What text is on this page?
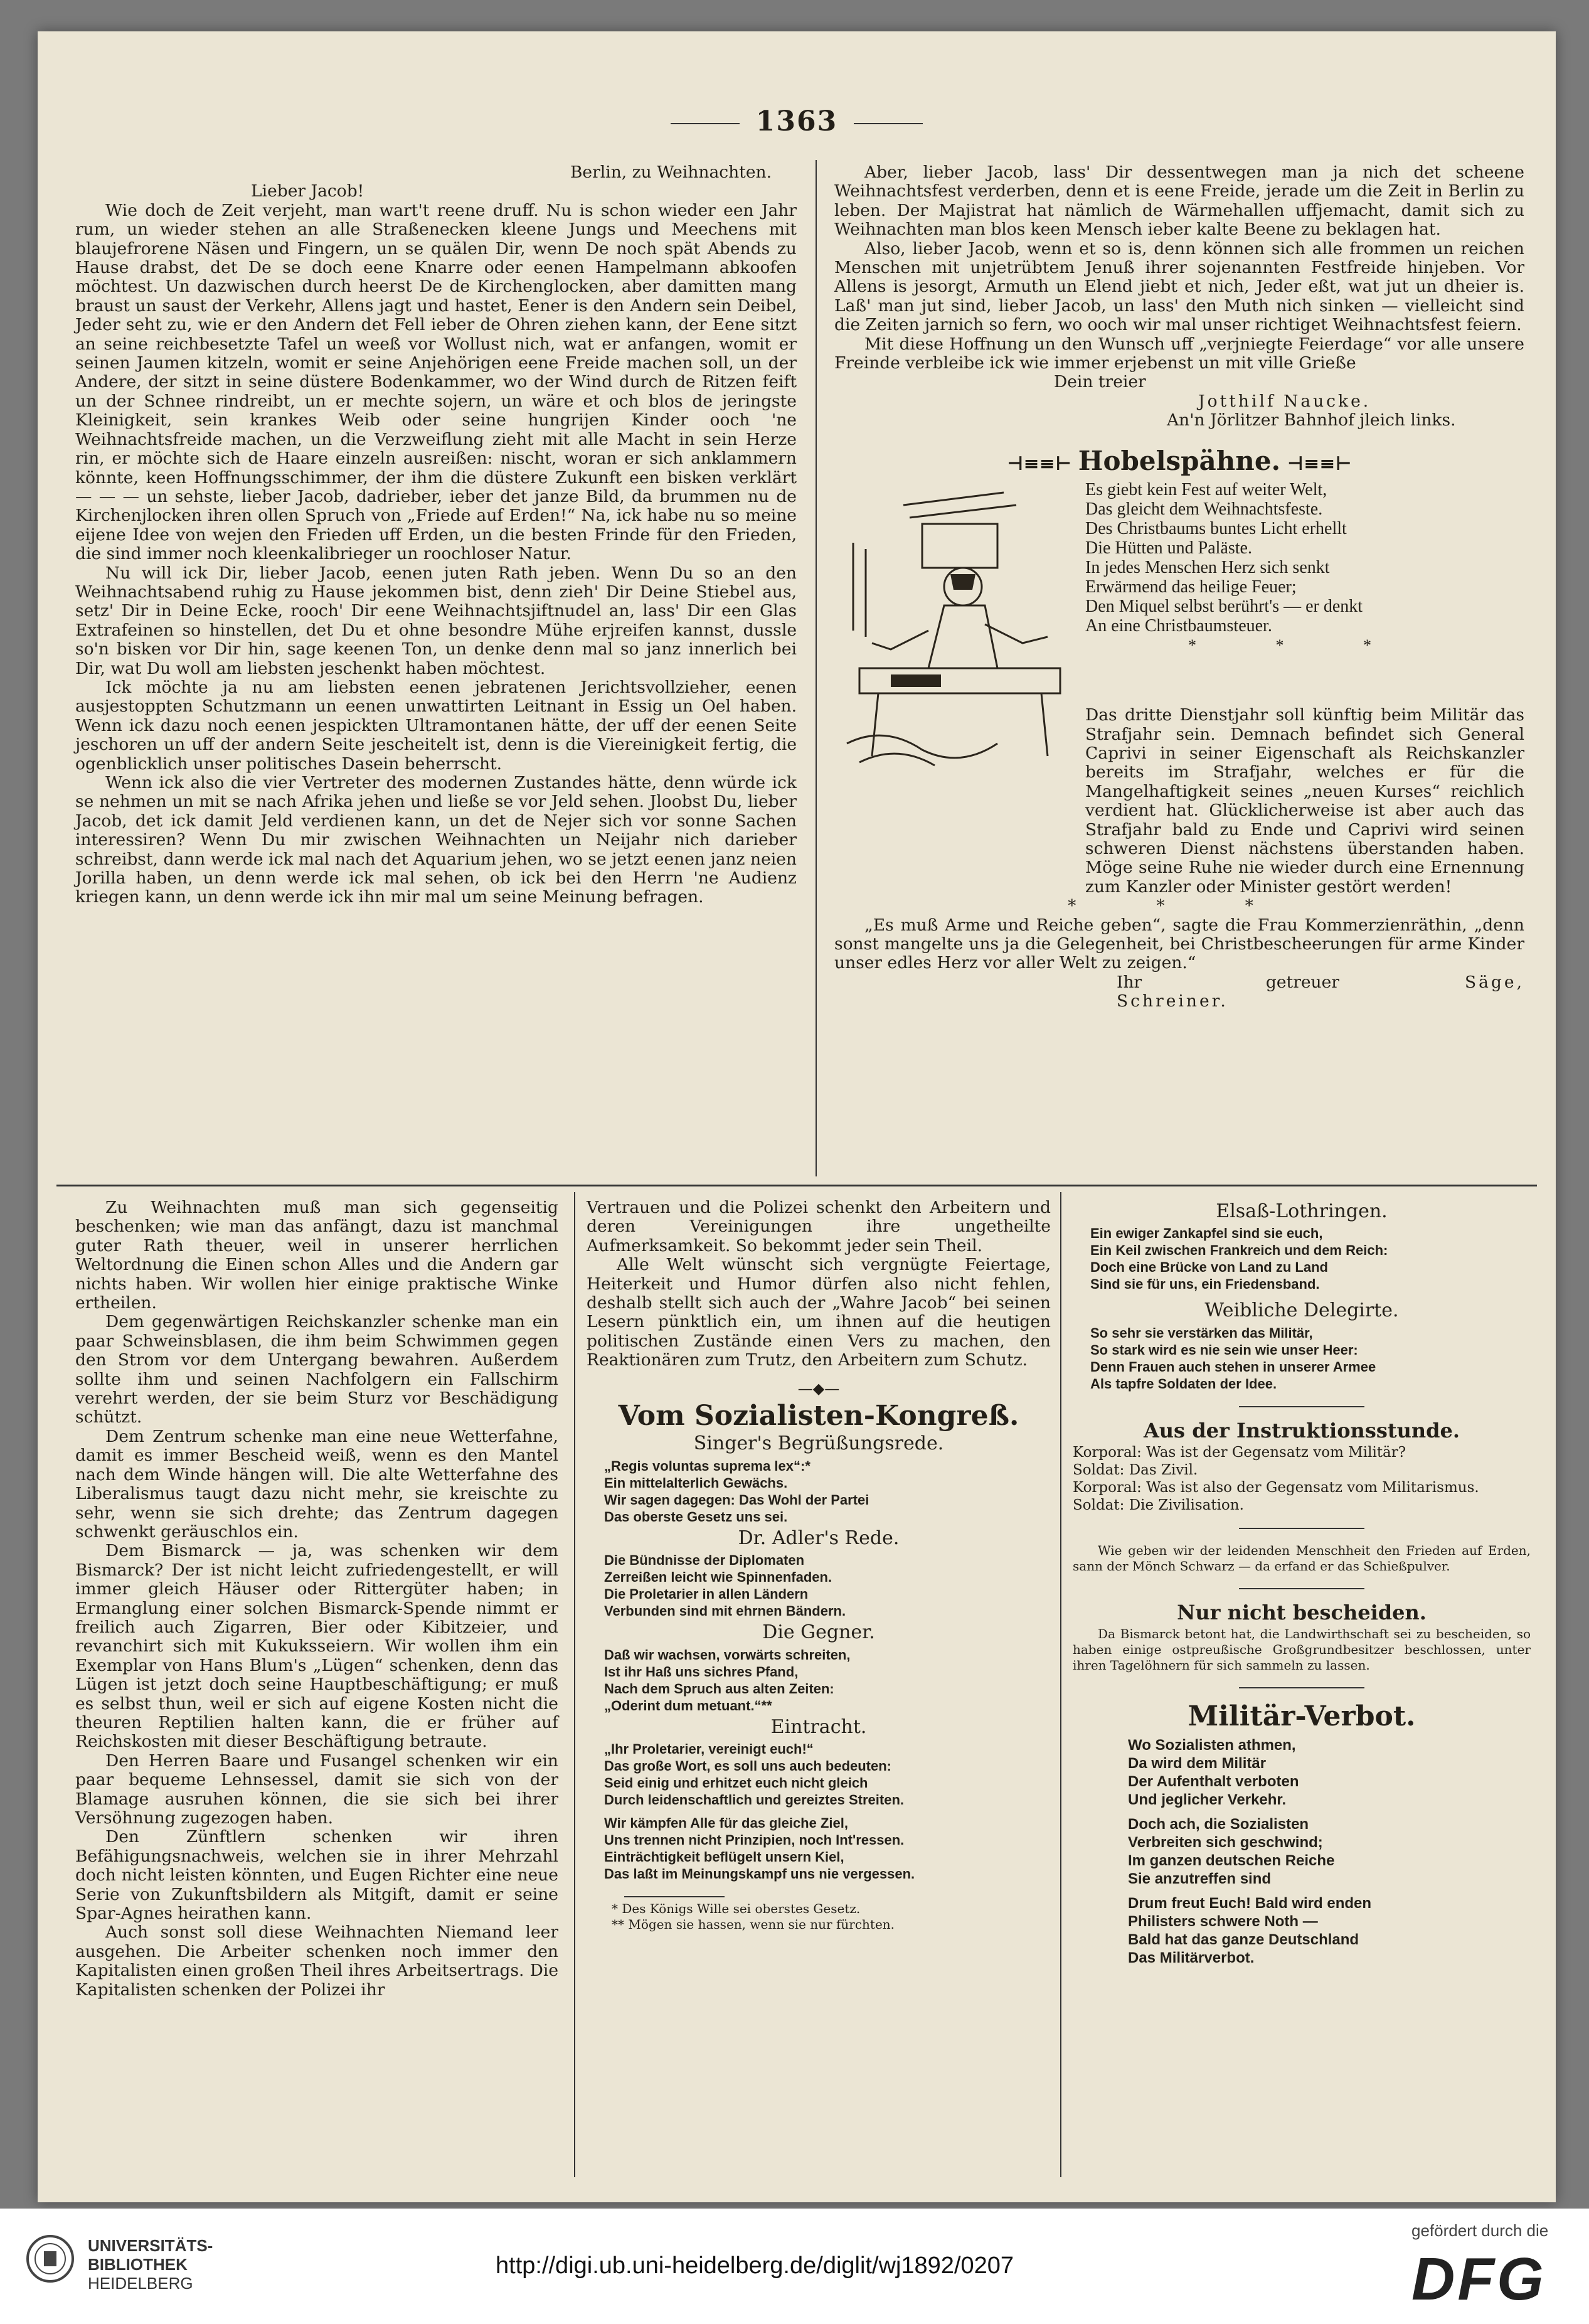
1363
Berlin, zu Weihnachten.
Lieber Jacob!

Wie doch de Zeit verjeht, man wart't reene druff. Nu is schon wieder een Jahr rum, un wieder stehen an alle Straßenecken kleene Jungs und Meechens mit blaujefrorene Näsen und Fingern, un se quälen Dir, wenn De noch spät Abends zu Hause drabst, det De se doch eene Knarre oder eenen Hampelmann abkoofen möchtest. Un dazwischen durch heerst De de Kirchenglocken, aber damitten mang braust un saust der Verkehr, Allens jagt und hastet, Eener is den Andern sein Deibel, Jeder seht zu, wie er den Andern det Fell ieber de Ohren ziehen kann, der Eene sitzt an seine reichbesetzte Tafel un weeß vor Wollust nich, wat er anfangen, womit er seinen Jaumen kitzeln, womit er seine Anjehörigen eene Freide machen soll, un der Andere, der sitzt in seine düstere Bodenkammer, wo der Wind durch de Ritzen feift un der Schnee rindreibt, un er mechte sojern, un wäre et och blos de jeringste Kleinigkeit, sein krankes Weib oder seine hungrijen Kinder ooch 'ne Weihnachtsfreide machen, un die Verzweiflung zieht mit alle Macht in sein Herze rin, er möchte sich de Haare einzeln ausreißen: nischt, woran er sich anklammern könnte, keen Hoffnungsschimmer, der ihm die düstere Zukunft een bisken verklärt — — — un sehste, lieber Jacob, dadrieber, ieber det janze Bild, da brummen nu de Kirchenjlocken ihren ollen Spruch von „Friede auf Erden!“ Na, ick habe nu so meine eijene Idee von wejen den Frieden uff Erden, un die besten Frinde für den Frieden, die sind immer noch kleenkalibrieger un roochloser Natur.

Nu will ick Dir, lieber Jacob, eenen juten Rath jeben. Wenn Du so an den Weihnachtsabend ruhig zu Hause jekommen bist, denn zieh' Dir Deine Stiebel aus, setz' Dir in Deine Ecke, rooch' Dir eene Weihnachtsjiftnudel an, lass' Dir een Glas Extrafeinen so hinstellen, det Du et ohne besondre Mühe erjreifen kannst, dussle so'n bisken vor Dir hin, sage keenen Ton, un denke denn mal so janz innerlich bei Dir, wat Du woll am liebsten jeschenkt haben möchtest.

Ick möchte ja nu am liebsten eenen jebratenen Jerichtsvollzieher, eenen ausjestoppten Schutzmann un eenen unwattirten Leitnant in Essig un Oel haben. Wenn ick dazu noch eenen jespickten Ultramontanen hätte, der uff der eenen Seite jeschoren un uff der andern Seite jescheitelt ist, denn is die Viereinigkeit fertig, die ogenblicklich unser politisches Dasein beherrscht.

Wenn ick also die vier Vertreter des modernen Zustandes hätte, denn würde ick se nehmen un mit se nach Afrika jehen und ließe se vor Jeld sehen. Jloobst Du, lieber Jacob, det ick damit Jeld verdienen kann, un det de Nejer sich vor sonne Sachen interessiren? Wenn Du mir zwischen Weihnachten un Neijahr nich darieber schreibst, dann werde ick mal nach det Aquarium jehen, wo se jetzt eenen janz neien Jorilla haben, un denn werde ick mal sehen, ob ick bei den Herrn 'ne Audienz kriegen kann, un denn werde ick ihn mir mal um seine Meinung befragen.

Aber, lieber Jacob, lass' Dir dessentwegen man ja nich det scheene Weihnachtsfest verderben, denn et is eene Freide, jerade um die Zeit in Berlin zu leben. Der Majistrat hat nämlich de Wärmehallen uffjemacht, damit sich zu Weihnachten man blos keen Mensch ieber kalte Beene zu beklagen hat.

Also, lieber Jacob, wenn et so is, denn können sich alle frommen un reichen Menschen mit unjetrübtem Jenuß ihrer sojenannten Festfreide hinjeben. Vor Allens is jesorgt, Armuth un Elend jiebt et nich, Jeder eßt, wat jut un dheier is. Laß' man jut sind, lieber Jacob, un lass' den Muth nich sinken — vielleicht sind die Zeiten jarnich so fern, wo ooch wir mal unser richtiget Weihnachtsfest feiern.

Mit diese Hoffnung un den Wunsch uff „verjniegte Feierdage“ vor alle unsere Freinde verbleibe ick wie immer erjebenst un mit ville Grieße

Dein treier
Jotthilf Naucke.
An'n Jörlitzer Bahnhof jleich links.
⊣≡≡⊢ Hobelspähne. ⊣≡≡⊢
Es giebt kein Fest auf weiter Welt,
Das gleicht dem Weihnachtsfeste.
Des Christbaums buntes Licht erhellt
Die Hütten und Paläste.
In jedes Menschen Herz sich senkt
Erwärmend das heilige Feuer;
Den Miquel selbst berührt's — er denkt
An eine Christbaumsteuer.
* * *

Das dritte Dienstjahr soll künftig beim Militär das Strafjahr sein. Demnach befindet sich General Caprivi in seiner Eigenschaft als Reichskanzler bereits im Strafjahr, welches er für die Mangelhaftigkeit seines „neuen Kurses“ reichlich verdient hat. Glücklicherweise ist aber auch das Strafjahr bald zu Ende und Caprivi wird seinen schweren Dienst nächstens überstanden haben. Möge seine Ruhe nie wieder durch eine Ernennung zum Kanzler oder Minister gestört werden!
* * *

„Es muß Arme und Reiche geben“, sagte die Frau Kommerzienräthin, „denn sonst mangelte uns ja die Gelegenheit, bei Christbescheerungen für arme Kinder unser edles Herz vor aller Welt zu zeigen.“

Ihr getreuer	Säge, Schreiner.

Zu Weihnachten muß man sich gegenseitig beschenken; wie man das anfängt, dazu ist manchmal guter Rath theuer, weil in unserer herrlichen Weltordnung die Einen schon Alles und die Andern gar nichts haben. Wir wollen hier einige praktische Winke ertheilen.

Dem gegenwärtigen Reichskanzler schenke man ein paar Schweinsblasen, die ihm beim Schwimmen gegen den Strom vor dem Untergang bewahren. Außerdem sollte ihm und seinen Nachfolgern ein Fallschirm verehrt werden, der sie beim Sturz vor Beschädigung schützt.

Dem Zentrum schenke man eine neue Wetterfahne, damit es immer Bescheid weiß, wenn es den Mantel nach dem Winde hängen will. Die alte Wetterfahne des Liberalismus taugt dazu nicht mehr, sie kreischte zu sehr, wenn sie sich drehte; das Zentrum dagegen schwenkt geräuschlos ein.

Dem Bismarck — ja, was schenken wir dem Bismarck? Der ist nicht leicht zufriedengestellt, er will immer gleich Häuser oder Rittergüter haben; in Ermanglung einer solchen Bismarck-Spende nimmt er freilich auch Zigarren, Bier oder Kibitzeier, und revanchirt sich mit Kukuksseiern. Wir wollen ihm ein Exemplar von Hans Blum's „Lügen“ schenken, denn das Lügen ist jetzt doch seine Hauptbeschäftigung; er muß es selbst thun, weil er sich auf eigene Kosten nicht die theuren Reptilien halten kann, die er früher auf Reichskosten mit dieser Beschäftigung betraute.

Den Herren Baare und Fusangel schenken wir ein paar bequeme Lehnsessel, damit sie sich von der Blamage ausruhen können, die sie sich bei ihrer Versöhnung zugezogen haben.

Den Zünftlern schenken wir ihren Befähigungsnachweis, welchen sie in ihrer Mehrzahl doch nicht leisten könnten, und Eugen Richter eine neue Serie von Zukunftsbildern als Mitgift, damit er seine Spar-Agnes heirathen kann.

Auch sonst soll diese Weihnachten Niemand leer ausgehen. Die Arbeiter schenken noch immer den Kapitalisten einen großen Theil ihres Arbeitsertrags. Die Kapitalisten schenken der Polizei ihr

Vertrauen und die Polizei schenkt den Arbeitern und deren Vereinigungen ihre ungetheilte Aufmerksamkeit. So bekommt jeder sein Theil.

Alle Welt wünscht sich vergnügte Feiertage, Heiterkeit und Humor dürfen also nicht fehlen, deshalb stellt sich auch der „Wahre Jacob“ bei seinen Lesern pünktlich ein, um ihnen auf die heutigen politischen Zustände einen Vers zu machen, den Reaktionären zum Trutz, den Arbeitern zum Schutz.

—◆—
Vom Sozialisten-Kongreß.
Singer's Begrüßungsrede.
„Regis voluntas suprema lex“:*
Ein mittelalterlich Gewächs.
Wir sagen dagegen: Das Wohl der Partei
Das oberste Gesetz uns sei.
Dr. Adler's Rede.
Die Bündnisse der Diplomaten
Zerreißen leicht wie Spinnenfaden.
Die Proletarier in allen Ländern
Verbunden sind mit ehrnen Bändern.
Die Gegner.
Daß wir wachsen, vorwärts schreiten,
Ist ihr Haß uns sichres Pfand,
Nach dem Spruch aus alten Zeiten:
„Oderint dum metuant.“**
Eintracht.
„Ihr Proletarier, vereinigt euch!“
Das große Wort, es soll uns auch bedeuten:
Seid einig und erhitzet euch nicht gleich
Durch leidenschaftlich und gereiztes Streiten.
Wir kämpfen Alle für das gleiche Ziel,
Uns trennen nicht Prinzipien, noch Int'ressen.
Einträchtigkeit beflügelt unsern Kiel,
Das laßt im Meinungskampf uns nie vergessen.
* Des Königs Wille sei oberstes Gesetz.
** Mögen sie hassen, wenn sie nur fürchten.
Elsaß-Lothringen.
Ein ewiger Zankapfel sind sie euch,
Ein Keil zwischen Frankreich und dem Reich:
Doch eine Brücke von Land zu Land
Sind sie für uns, ein Friedensband.
Weibliche Delegirte.
So sehr sie verstärken das Militär,
So stark wird es nie sein wie unser Heer:
Denn Frauen auch stehen in unserer Armee
Als tapfre Soldaten der Idee.
Aus der Instruktionsstunde.
Korporal: Was ist der Gegensatz vom Militär?
Soldat: Das Zivil.
Korporal: Was ist also der Gegensatz vom Militarismus.
Soldat: Die Zivilisation.
Wie geben wir der leidenden Menschheit den Frieden auf Erden, sann der Mönch Schwarz — da erfand er das Schießpulver.
Nur nicht bescheiden.
Da Bismarck betont hat, die Landwirthschaft sei zu bescheiden, so haben einige ostpreußische Großgrundbesitzer beschlossen, unter ihren Tagelöhnern für sich sammeln zu lassen.
Militär-Verbot.
Wo Sozialisten athmen,
Da wird dem Militär
Der Aufenthalt verboten
Und jeglicher Verkehr.
Doch ach, die Sozialisten
Verbreiten sich geschwind;
Im ganzen deutschen Reiche
Sie anzutreffen sind
Drum freut Euch! Bald wird enden
Philisters schwere Noth —
Bald hat das ganze Deutschland
Das Militärverbot.
UNIVERSITÄTS-
BIBLIOTHEK
HEIDELBERG
http://digi.ub.uni-heidelberg.de/diglit/wj1892/0207
gefördert durch die
DFG
